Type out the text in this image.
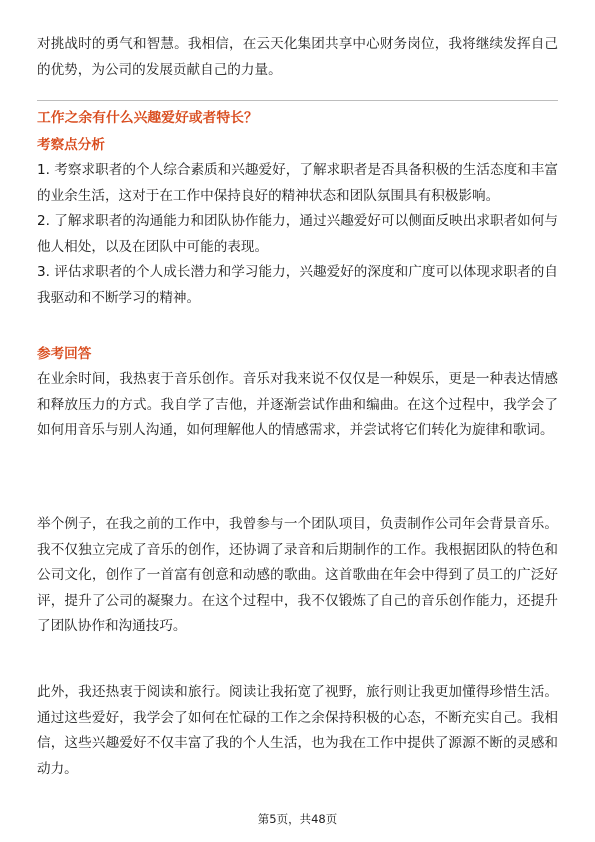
对挑战时的勇气和智慧。我相信，在云天化集团共享中心财务岗位，我将继续发挥自己的优势，为公司的发展贡献自己的力量。

工作之余有什么兴趣爱好或者特长？
考察点分析
1. 考察求职者的个人综合素质和兴趣爱好，了解求职者是否具备积极的生活态度和丰富的业余生活，这对于在工作中保持良好的精神状态和团队氛围具有积极影响。
2. 了解求职者的沟通能力和团队协作能力，通过兴趣爱好可以侧面反映出求职者如何与他人相处，以及在团队中可能的表现。
3. 评估求职者的个人成长潜力和学习能力，兴趣爱好的深度和广度可以体现求职者的自我驱动和不断学习的精神。
参考回答

在业余时间，我热衷于音乐创作。音乐对我来说不仅仅是一种娱乐，更是一种表达情感和释放压力的方式。我自学了吉他，并逐渐尝试作曲和编曲。在这个过程中，我学会了如何用音乐与别人沟通，如何理解他人的情感需求，并尝试将它们转化为旋律和歌词。

举个例子，在我之前的工作中，我曾参与一个团队项目，负责制作公司年会背景音乐。我不仅独立完成了音乐的创作，还协调了录音和后期制作的工作。我根据团队的特色和公司文化，创作了一首富有创意和动感的歌曲。这首歌曲在年会中得到了员工的广泛好评，提升了公司的凝聚力。在这个过程中，我不仅锻炼了自己的音乐创作能力，还提升了团队协作和沟通技巧。

此外，我还热衷于阅读和旅行。阅读让我拓宽了视野，旅行则让我更加懂得珍惜生活。通过这些爱好，我学会了如何在忙碌的工作之余保持积极的心态，不断充实自己。我相信，这些兴趣爱好不仅丰富了我的个人生活，也为我在工作中提供了源源不断的灵感和动力。

第5页，共48页
